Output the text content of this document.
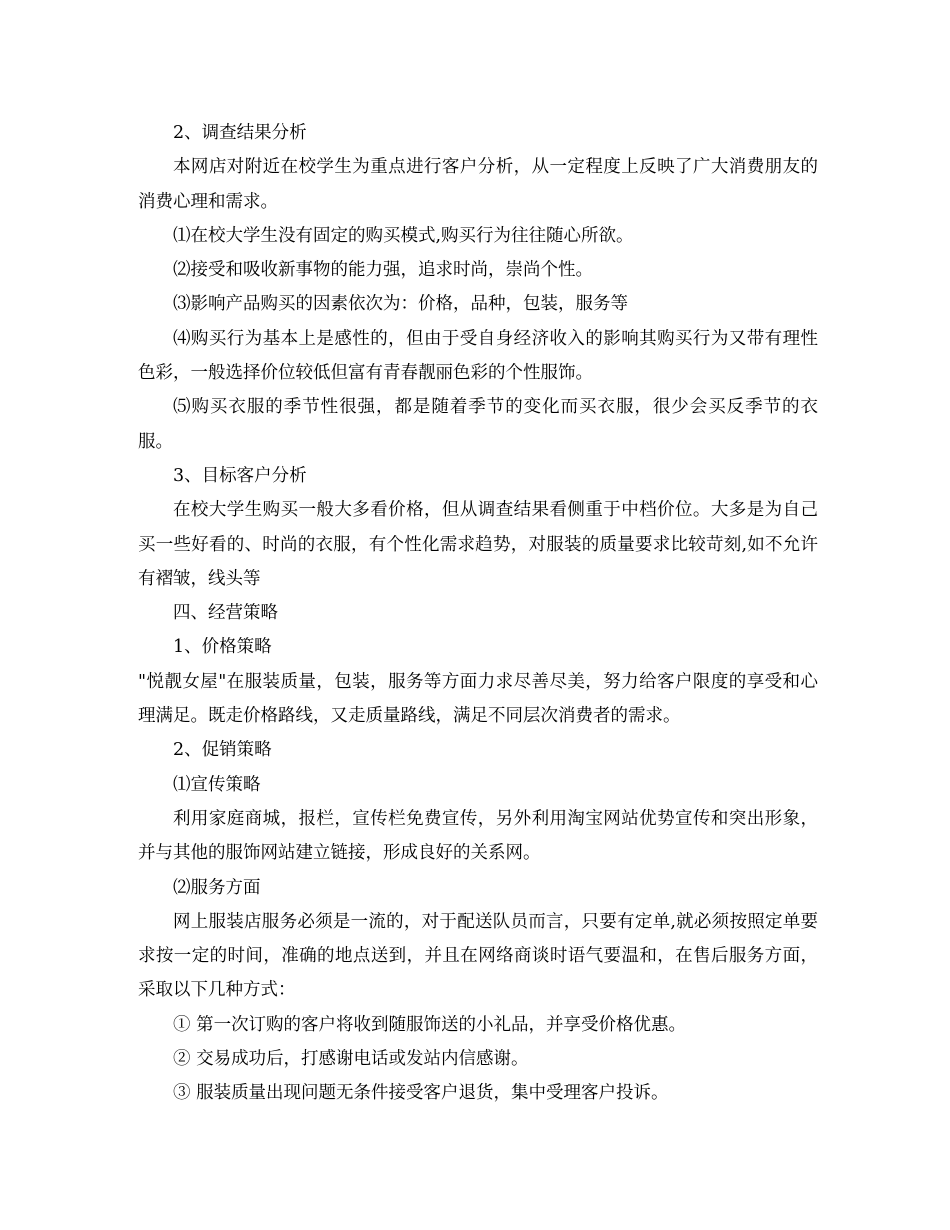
2、调查结果分析

本网店对附近在校学生为重点进行客户分析，从一定程度上反映了广大消费朋友的消费心理和需求。

⑴在校大学生没有固定的购买模式,购买行为往往随心所欲。

⑵接受和吸收新事物的能力强，追求时尚，崇尚个性。

⑶影响产品购买的因素依次为：价格，品种，包装，服务等

⑷购买行为基本上是感性的，但由于受自身经济收入的影响其购买行为又带有理性色彩，一般选择价位较低但富有青春靓丽色彩的个性服饰。

⑸购买衣服的季节性很强，都是随着季节的变化而买衣服，很少会买反季节的衣服。

3、目标客户分析

在校大学生购买一般大多看价格，但从调查结果看侧重于中档价位。大多是为自己买一些好看的、时尚的衣服，有个性化需求趋势，对服装的质量要求比较苛刻,如不允许有褶皱，线头等

四、经营策略

1、价格策略

"悦靓女屋"在服装质量，包装，服务等方面力求尽善尽美，努力给客户限度的享受和心理满足。既走价格路线，又走质量路线，满足不同层次消费者的需求。

2、促销策略

⑴宣传策略

利用家庭商城，报栏，宣传栏免费宣传，另外利用淘宝网站优势宣传和突出形象，并与其他的服饰网站建立链接，形成良好的关系网。

⑵服务方面

网上服装店服务必须是一流的，对于配送队员而言，只要有定单,就必须按照定单要求按一定的时间，准确的地点送到，并且在网络商谈时语气要温和，在售后服务方面，采取以下几种方式：

① 第一次订购的客户将收到随服饰送的小礼品，并享受价格优惠。

② 交易成功后，打感谢电话或发站内信感谢。

③ 服装质量出现问题无条件接受客户退货，集中受理客户投诉。
